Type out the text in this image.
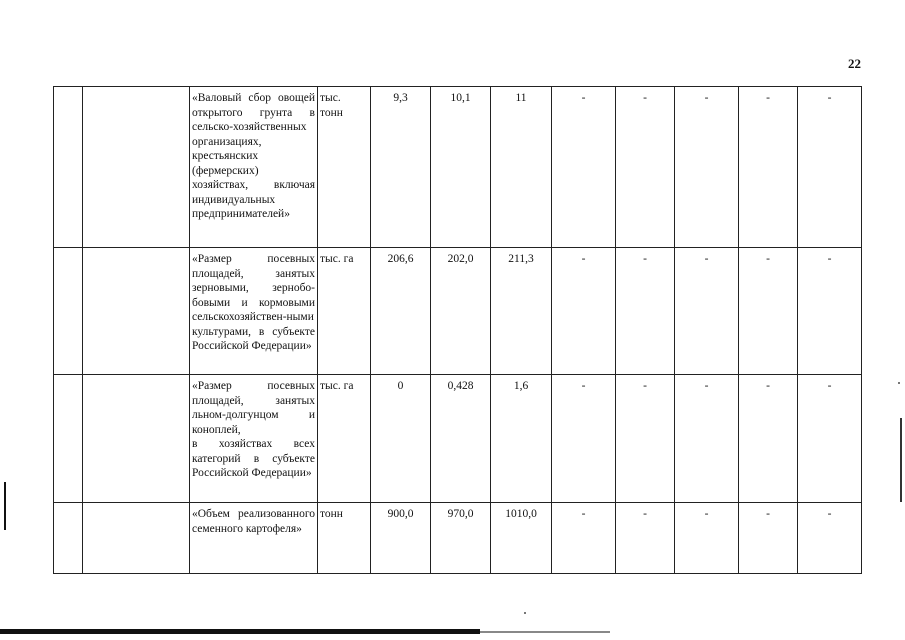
22

		«Валовый сбор овощей открытого грунта в сельско-хозяйственных организациях, крестьянских (фермерских) хозяйствах, включая индивидуальных предпринимателей»	тыс.
тонн	9,3	10,1	11	-	-	-	-	-

		«Размер посевных площадей, занятых зерновыми, зернобо-бовыми и кормовыми сельскохозяйствен-ными культурами, в субъекте Российской Федерации»	тыс. га	206,6	202,0	211,3	-	-	-	-	-

		«Размер посевных площадей, занятых льном-долгунцом и коноплей,
в хозяйствах всех категорий в субъекте Российской Федерации»	тыс. га	0	0,428	1,6	-	-	-	-	-

		«Объем реализованного семенного картофеля»	тонн	900,0	970,0	1010,0	-	-	-	-	-
